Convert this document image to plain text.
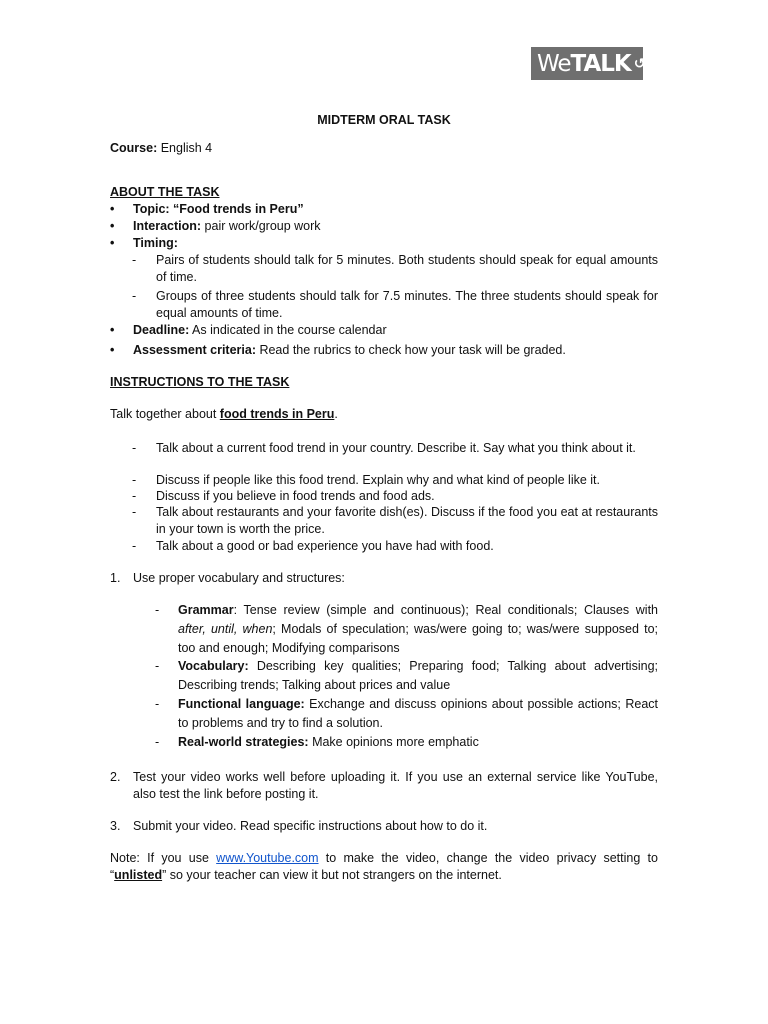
We TALK ↺
MIDTERM ORAL TASK
Course: English 4
ABOUT THE TASK
•	Topic: “Food trends in Peru”
•	Interaction: pair work/group work
•	Timing:
- Pairs of students should talk for 5 minutes. Both students should speak for equal amounts of time.
- Groups of three students should talk for 7.5 minutes. The three students should speak for equal amounts of time.
•	Deadline: As indicated in the course calendar
•	Assessment criteria: Read the rubrics to check how your task will be graded.
INSTRUCTIONS TO THE TASK
Talk together about food trends in Peru.
- Talk about a current food trend in your country. Describe it. Say what you think about it.
- Discuss if people like this food trend. Explain why and what kind of people like it.
- Discuss if you believe in food trends and food ads.
- Talk about restaurants and your favorite dish(es). Discuss if the food you eat at restaurants in your town is worth the price.
- Talk about a good or bad experience you have had with food.
1. Use proper vocabulary and structures:
- Grammar: Tense review (simple and continuous); Real conditionals; Clauses with after, until, when; Modals of speculation; was/were going to; was/were supposed to; too and enough; Modifying comparisons
- Vocabulary: Describing key qualities; Preparing food; Talking about advertising; Describing trends; Talking about prices and value
- Functional language: Exchange and discuss opinions about possible actions; React to problems and try to find a solution.
- Real-world strategies: Make opinions more emphatic
2. Test your video works well before uploading it. If you use an external service like YouTube, also test the link before posting it.
3. Submit your video. Read specific instructions about how to do it.
Note: If you use www.Youtube.com to make the video, change the video privacy setting to “unlisted” so your teacher can view it but not strangers on the internet.
